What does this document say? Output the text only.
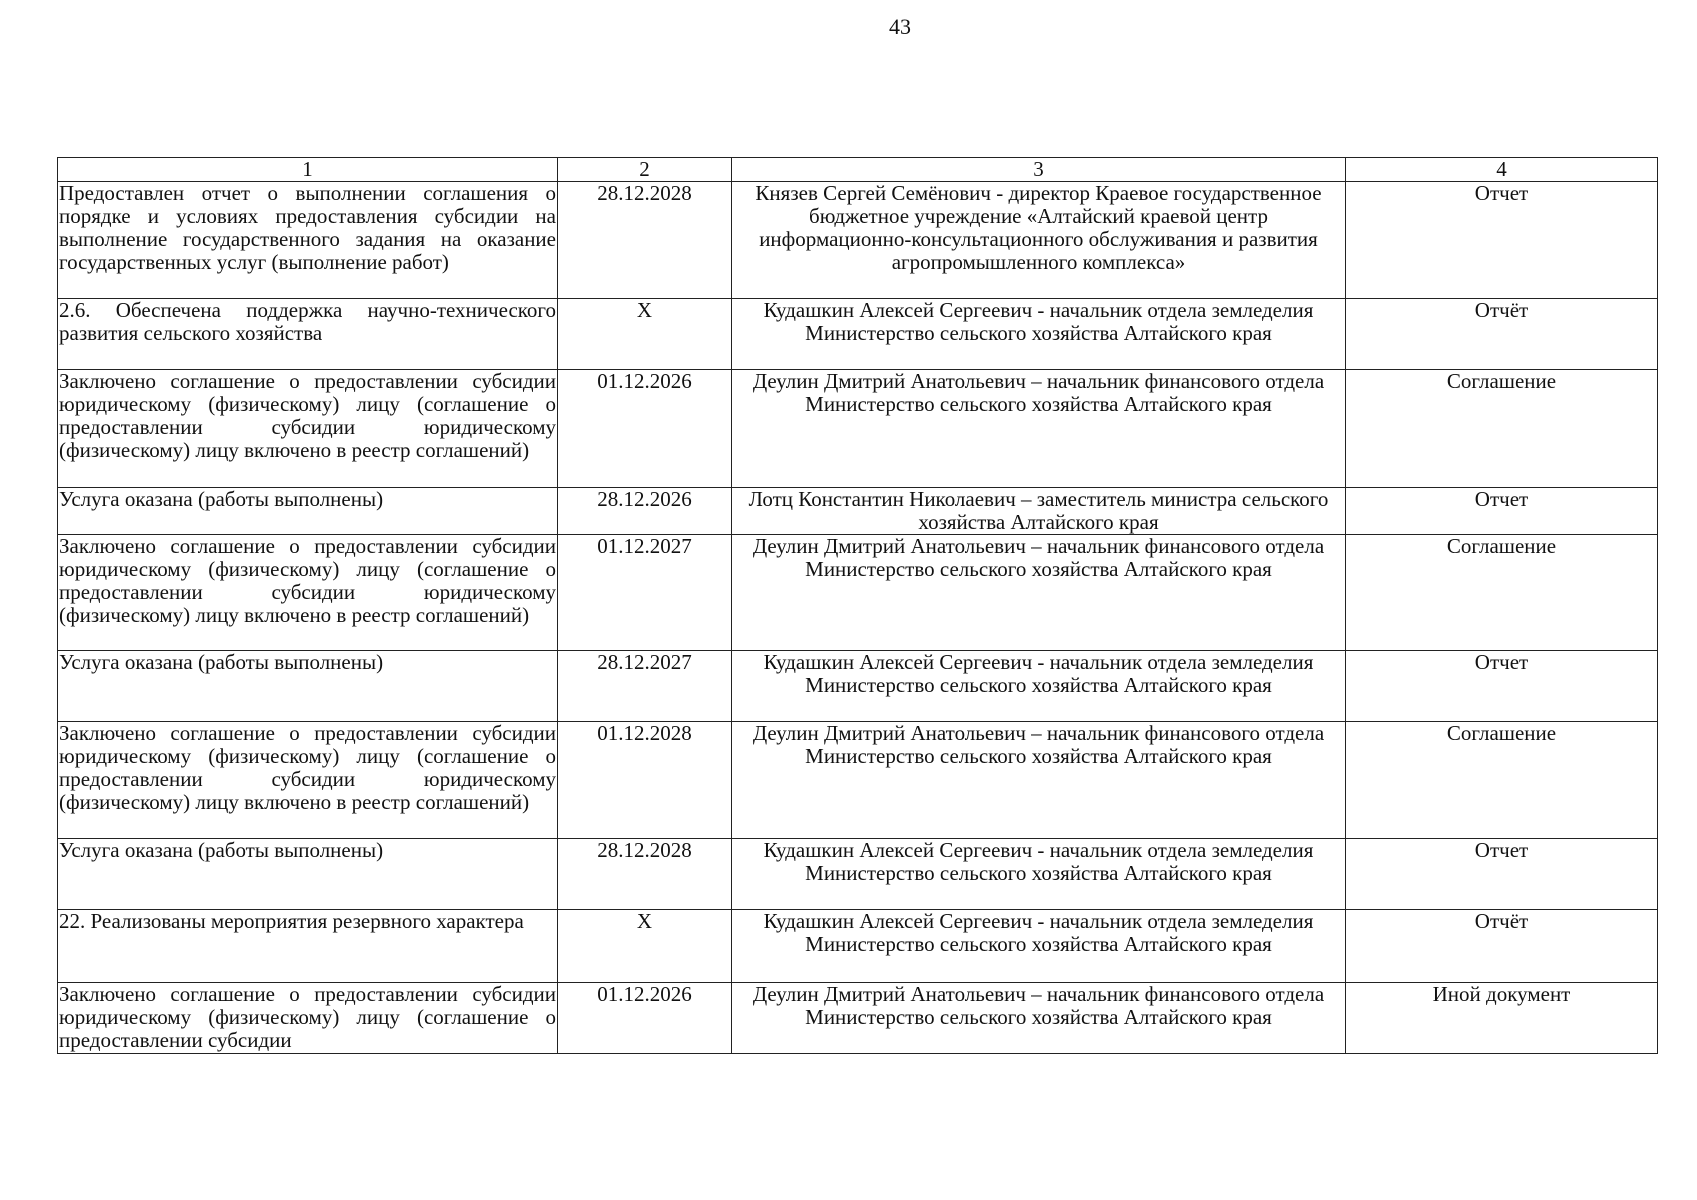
43
1	2	3	4
Предоставлен отчет о выполнении соглашения о порядке и условиях предоставления субсидии на выполнение государственного задания на оказание государственных услуг (выполнение работ)	28.12.2028	Князев Сергей Семёнович - директор Краевое государственное бюджетное учреждение «Алтайский краевой центр информационно-консультационного обслуживания и развития агропромышленного комплекса»	Отчет
2.6. Обеспечена поддержка научно-технического развития сельского хозяйства	X	Кудашкин Алексей Сергеевич - начальник отдела земледелия Министерство сельского хозяйства Алтайского края	Отчёт
Заключено соглашение о предоставлении субсидии юридическому (физическому) лицу (соглашение о предоставлении субсидии юридическому (физическому) лицу включено в реестр соглашений)	01.12.2026	Деулин Дмитрий Анатольевич – начальник финансового отдела Министерство сельского хозяйства Алтайского края	Соглашение
Услуга оказана (работы выполнены)	28.12.2026	Лотц Константин Николаевич – заместитель министра сельского хозяйства Алтайского края	Отчет
Заключено соглашение о предоставлении субсидии юридическому (физическому) лицу (соглашение о предоставлении субсидии юридическому (физическому) лицу включено в реестр соглашений)	01.12.2027	Деулин Дмитрий Анатольевич – начальник финансового отдела Министерство сельского хозяйства Алтайского края	Соглашение
Услуга оказана (работы выполнены)	28.12.2027	Кудашкин Алексей Сергеевич - начальник отдела земледелия Министерство сельского хозяйства Алтайского края	Отчет
Заключено соглашение о предоставлении субсидии юридическому (физическому) лицу (соглашение о предоставлении субсидии юридическому (физическому) лицу включено в реестр соглашений)	01.12.2028	Деулин Дмитрий Анатольевич – начальник финансового отдела Министерство сельского хозяйства Алтайского края	Соглашение
Услуга оказана (работы выполнены)	28.12.2028	Кудашкин Алексей Сергеевич - начальник отдела земледелия Министерство сельского хозяйства Алтайского края	Отчет
22. Реализованы мероприятия резервного характера	X	Кудашкин Алексей Сергеевич - начальник отдела земледелия Министерство сельского хозяйства Алтайского края	Отчёт
Заключено соглашение о предоставлении субсидии юридическому (физическому) лицу (соглашение о предоставлении субсидии	01.12.2026	Деулин Дмитрий Анатольевич – начальник финансового отдела Министерство сельского хозяйства Алтайского края	Иной документ
